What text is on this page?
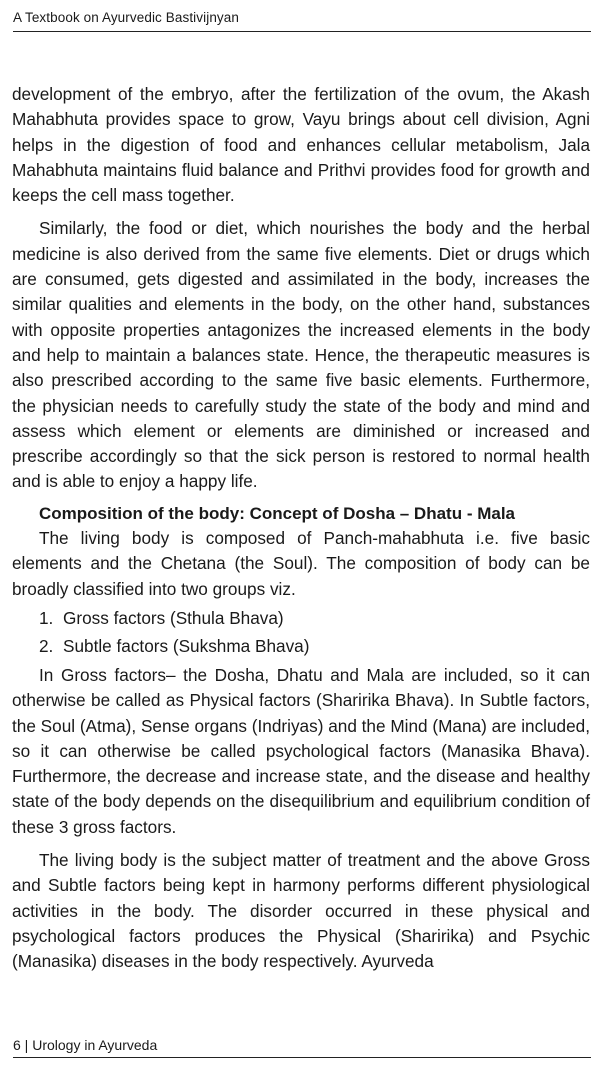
A Textbook on Ayurvedic Bastivijnyan

development of the embryo, after the fertilization of the ovum, the Akash Mahabhuta provides space to grow, Vayu brings about cell division, Agni helps in the digestion of food and enhances cellular metabolism, Jala Mahabhuta maintains fluid balance and Prithvi provides food for growth and keeps the cell mass together.

Similarly, the food or diet, which nourishes the body and the herbal medicine is also derived from the same five elements. Diet or drugs which are consumed, gets digested and assimilated in the body, increases the similar qualities and elements in the body, on the other hand, substances with opposite properties antagonizes the increased elements in the body and help to maintain a balances state. Hence, the therapeutic measures is also prescribed according to the same five basic elements. Furthermore, the physician needs to carefully study the state of the body and mind and assess which element or elements are diminished or increased and prescribe accordingly so that the sick person is restored to normal health and is able to enjoy a happy life.

Composition of the body: Concept of Dosha – Dhatu - Mala

The living body is composed of Panch-mahabhuta i.e. five basic elements and the Chetana (the Soul). The composition of body can be broadly classified into two groups viz.

1. Gross factors (Sthula Bhava)
2. Subtle factors (Sukshma Bhava)

In Gross factors– the Dosha, Dhatu and Mala are included, so it can otherwise be called as Physical factors (Sharirika Bhava). In Subtle factors, the Soul (Atma), Sense organs (Indriyas) and the Mind (Mana) are included, so it can otherwise be called psychological factors (Manasika Bhava). Furthermore, the decrease and increase state, and the disease and healthy state of the body depends on the disequilibrium and equilibrium condition of these 3 gross factors.

The living body is the subject matter of treatment and the above Gross and Subtle factors being kept in harmony performs different physiological activities in the body. The disorder occurred in these physical and psychological factors produces the Physical (Sharirika) and Psychic (Manasika) diseases in the body respectively. Ayurveda

6 | Urology in Ayurveda
